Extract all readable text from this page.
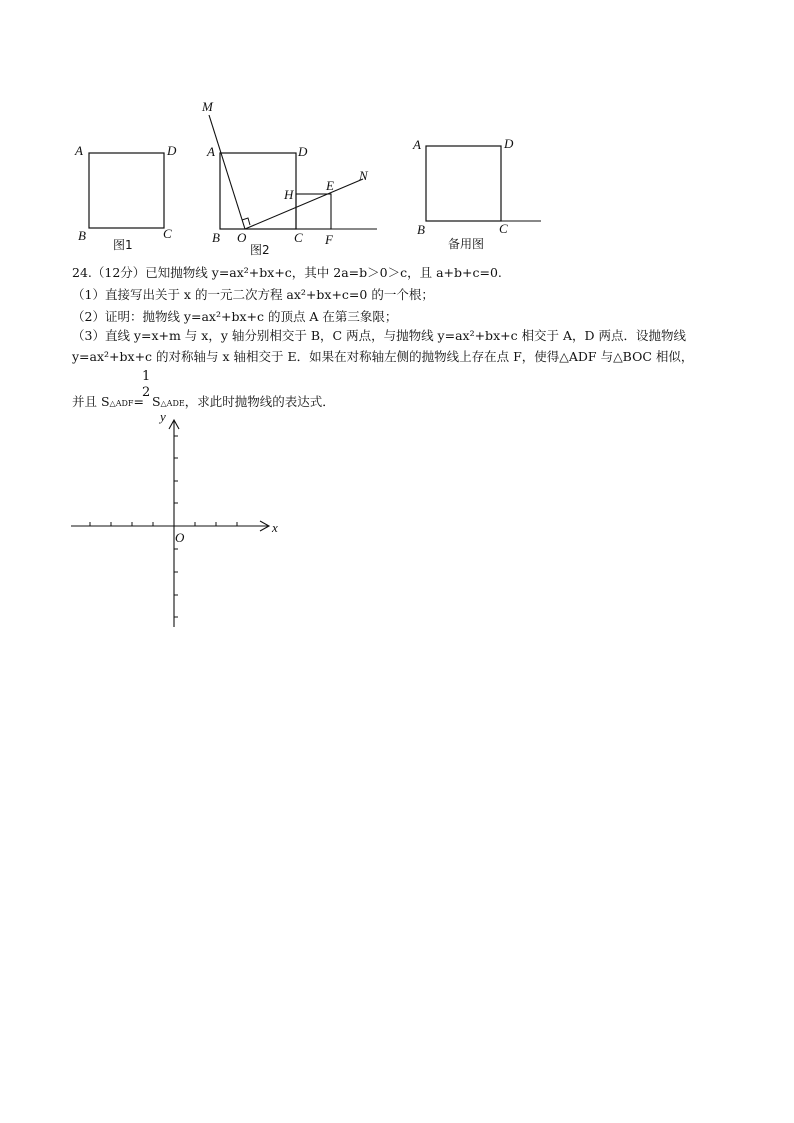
A	D
B	C
图1
M
A	D
H
E
N
B O	C F
图2
A	D
B	C
备用图
24.（12分）已知抛物线 y=ax²+bx+c，其中 2a=b＞0＞c，且 a+b+c=0.
（1）直接写出关于 x 的一元二次方程 ax²+bx+c=0 的一个根；
（2）证明：抛物线 y=ax²+bx+c 的顶点 A 在第三象限；
（3）直线 y=x+m 与 x，y 轴分别相交于 B，C 两点，与抛物线 y=ax²+bx+c 相交于 A，D 两点．设抛物线
y=ax²+bx+c 的对称轴与 x 轴相交于 E．如果在对称轴左侧的抛物线上存在点 F，使得△ADF 与△BOC 相似，
1
2
并且 S△ADF= S△ADE，求此时抛物线的表达式．
x
y
O
